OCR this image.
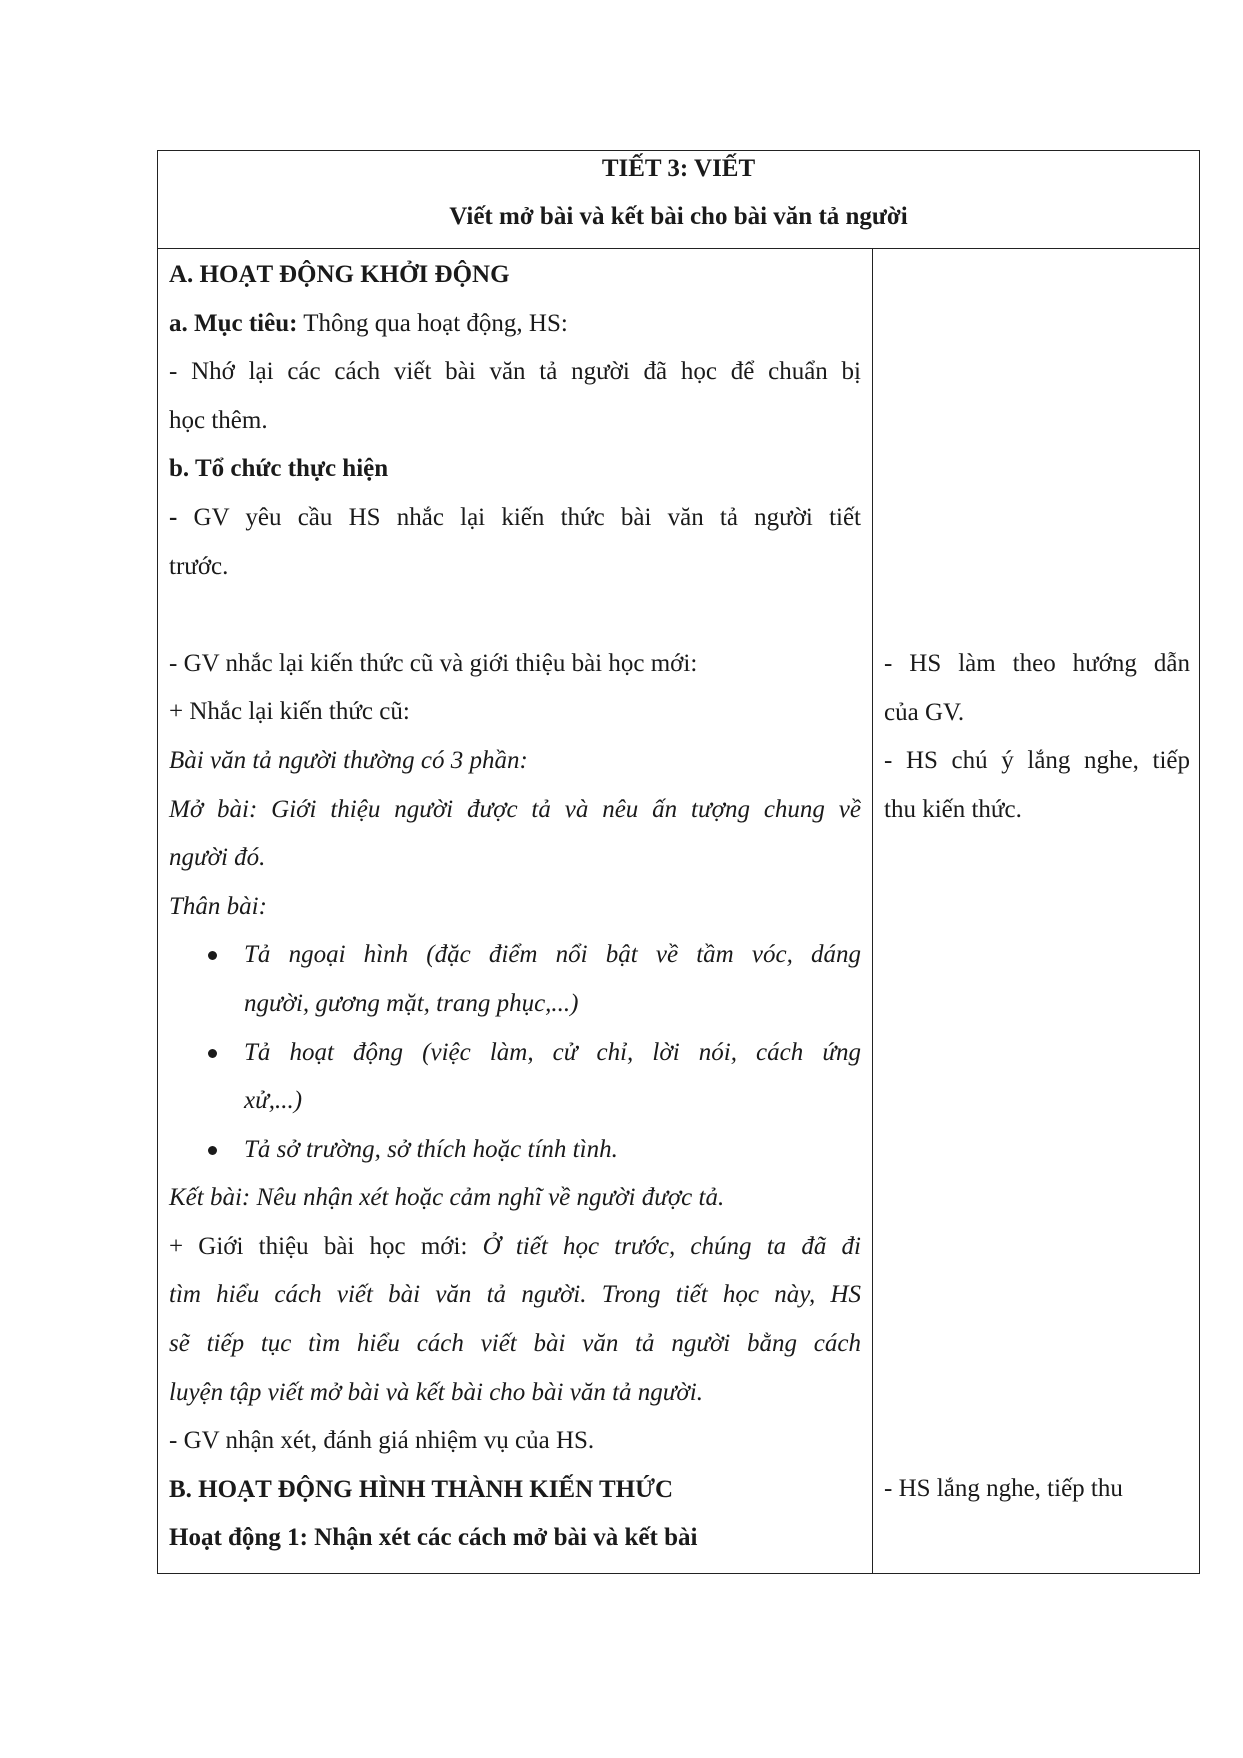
TIẾT 3: VIẾT
Viết mở bài và kết bài cho bài văn tả người
A. HOẠT ĐỘNG KHỞI ĐỘNG
a. Mục tiêu: Thông qua hoạt động, HS:
- Nhớ lại các cách viết bài văn tả người đã học để chuẩn bị
học thêm.
b. Tổ chức thực hiện
- GV yêu cầu HS nhắc lại kiến thức bài văn tả người tiết
trước.
- GV nhắc lại kiến thức cũ và giới thiệu bài học mới:
+ Nhắc lại kiến thức cũ:
Bài văn tả người thường có 3 phần:
Mở bài: Giới thiệu người được tả và nêu ấn tượng chung về
người đó.
Thân bài:
Tả ngoại hình (đặc điểm nổi bật về tầm vóc, dáng
người, gương mặt, trang phục,...)
Tả hoạt động (việc làm, cử chỉ, lời nói, cách ứng
xử,...)
Tả sở trường, sở thích hoặc tính tình.
Kết bài: Nêu nhận xét hoặc cảm nghĩ về người được tả.
+ Giới thiệu bài học mới: Ở tiết học trước, chúng ta đã đi
tìm hiểu cách viết bài văn tả người. Trong tiết học này, HS
sẽ tiếp tục tìm hiểu cách viết bài văn tả người bằng cách
luyện tập viết mở bài và kết bài cho bài văn tả người.
- GV nhận xét, đánh giá nhiệm vụ của HS.
B. HOẠT ĐỘNG HÌNH THÀNH KIẾN THỨC
Hoạt động 1: Nhận xét các cách mở bài và kết bài
- HS làm theo hướng dẫn
của GV.
- HS chú ý lắng nghe, tiếp
thu kiến thức.
- HS lắng nghe, tiếp thu
